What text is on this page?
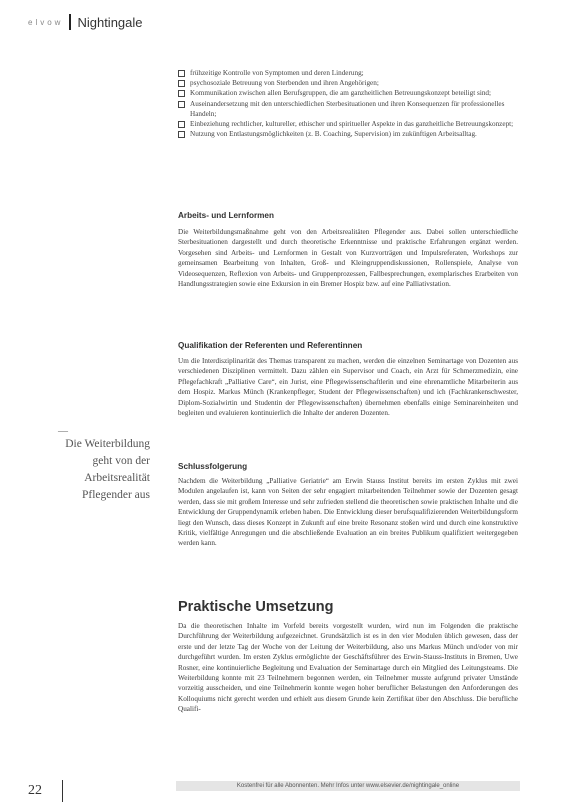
elvow Nightingale
frühzeitige Kontrolle von Symptomen und deren Linderung;
psychosoziale Betreuung von Sterbenden und ihren Angehörigen;
Kommunikation zwischen allen Berufsgruppen, die am ganzheitlichen Betreuungskonzept beteiligt sind;
Auseinandersetzung mit den unterschiedlichen Sterbesituationen und ihren Konsequenzen für professionelles Handeln;
Einbeziehung rechtlicher, kultureller, ethischer und spiritueller Aspekte in das ganzheitliche Betreuungskonzept;
Nutzung von Entlastungsmöglichkeiten (z. B. Coaching, Supervision) im zukünftigen Arbeitsalltag.
Arbeits- und Lernformen

Die Weiterbildungsmaßnahme geht von den Arbeitsrealitäten Pflegender aus. Dabei sollen unterschiedliche Sterbesituationen dargestellt und durch theoretische Erkenntnisse und praktische Erfahrungen ergänzt werden. Vorgesehen sind Arbeits- und Lernformen in Gestalt von Kurzvorträgen und Impulsreferaten, Workshops zur gemeinsamen Bearbeitung von Inhalten, Groß- und Kleingruppendiskussionen, Rollenspiele, Analyse von Videosequenzen, Reflexion von Arbeits- und Gruppenprozessen, Fallbesprechungen, exemplarisches Erarbeiten von Handlungsstrategien sowie eine Exkursion in ein Bremer Hospiz bzw. auf eine Palliativstation.

Qualifikation der Referenten und Referentinnen

Um die Interdisziplinarität des Themas transparent zu machen, werden die einzelnen Seminartage von Dozenten aus verschiedenen Disziplinen vermittelt. Dazu zählen ein Supervisor und Coach, ein Arzt für Schmerzmedizin, eine Pflegefachkraft „Palliative Care“, ein Jurist, eine Pflegewissenschaftlerin und eine ehrenamtliche Mitarbeiterin aus dem Hospiz. Markus Münch (Krankenpfleger, Student der Pflegewissenschaften) und ich (Fachkrankenschwester, Diplom-Sozialwirtin und Studentin der Pflegewissenschaften) übernehmen ebenfalls einige Seminareinheiten und begleiten und evaluieren kontinuierlich die Inhalte der anderen Dozenten.

Schlussfolgerung

Nachdem die Weiterbildung „Palliative Geriatrie“ am Erwin Stauss Institut bereits im ersten Zyklus mit zwei Modulen angelaufen ist, kann von Seiten der sehr engagiert mitarbeitenden Teilnehmer sowie der Dozenten gesagt werden, dass sie mit großem Interesse und sehr zufrieden stellend die theoretischen sowie praktischen Inhalte und die Entwicklung der Gruppendynamik erleben haben. Die Entwicklung dieser berufsqualifizierenden Weiterbildungsform liegt den Wunsch, dass dieses Konzept in Zukunft auf eine breite Resonanz stoßen wird und durch eine konstruktive Kritik, vielfältige Anregungen und die abschließende Evaluation an ein breites Publikum qualifiziert weitergegeben werden kann.

Praktische Umsetzung

Da die theoretischen Inhalte im Vorfeld bereits vorgestellt wurden, wird nun im Folgenden die praktische Durchführung der Weiterbildung aufgezeichnet. Grundsätzlich ist es in den vier Modulen üblich gewesen, dass der erste und der letzte Tag der Woche von der Leitung der Weiterbildung, also uns Markus Münch und/oder von mir durchgeführt wurden. Im ersten Zyklus ermöglichte der Geschäftsführer des Erwin-Stauss-Instituts in Bremen, Uwe Rosner, eine kontinuierliche Begleitung und Evaluation der Seminartage durch ein Mitglied des Leitungsteams. Die Weiterbildung konnte mit 23 Teilnehmern begonnen werden, ein Teilnehmer musste aufgrund privater Umstände vorzeitig ausscheiden, und eine Teilnehmerin konnte wegen hoher beruflicher Belastungen den Anforderungen des Kolloquiums nicht gerecht werden und erhielt aus diesem Grunde kein Zertifikat über den Abschluss. Die berufliche Qualifi-

—
Die Weiterbildung geht von der Arbeitsrealität Pflegender aus
22	Kostenfrei für alle Abonnenten. Mehr Infos unter www.elsevier.de/nightingale_online
